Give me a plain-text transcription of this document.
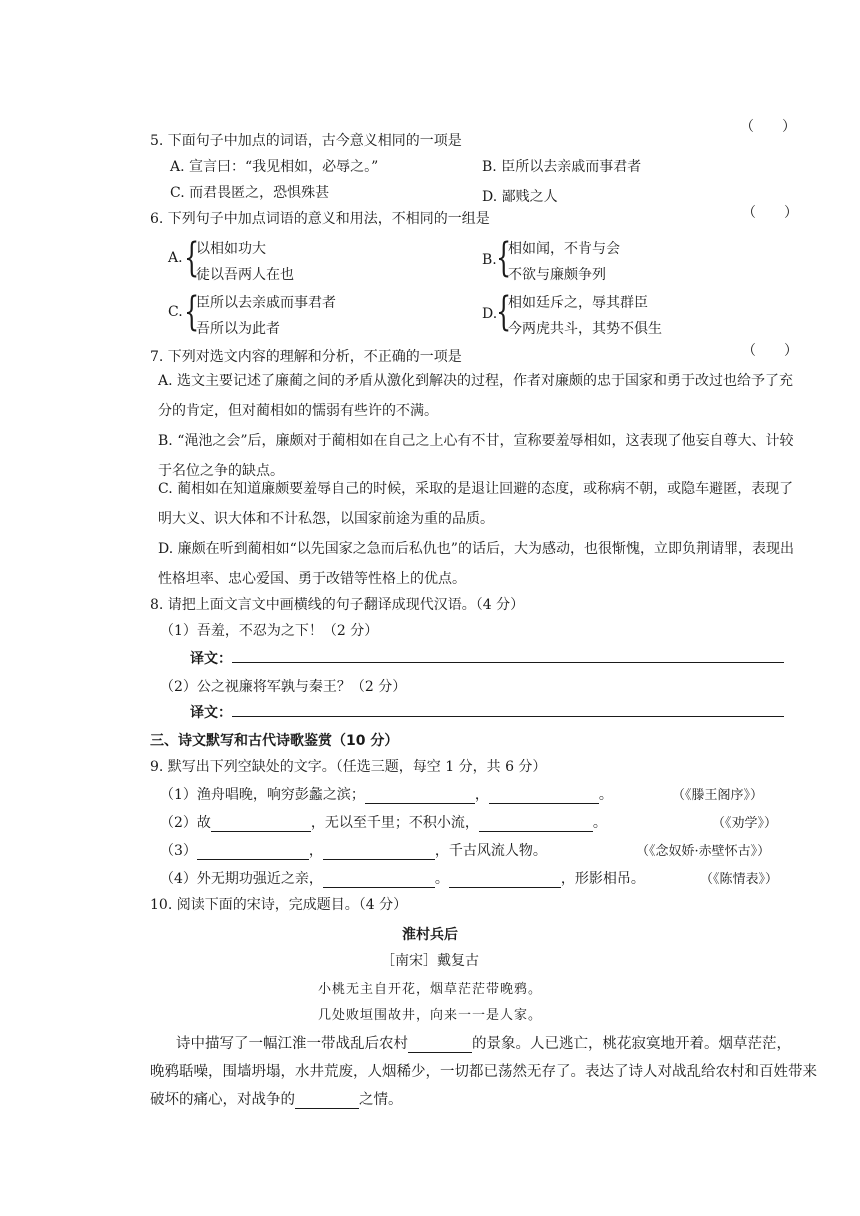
（　　）
5. 下面句子中加点的词语，古今意义相同的一项是
A. 宣言曰：“我见相如，必辱之。”	B. 臣所以去亲戚而事君者
C. 而君畏匿之，恐惧殊甚	D. 鄙贱之人
（　　）
6. 下列句子中加点词语的意义和用法，不相同的一组是
A. {
以相如功大
徒以吾两人在也
B. {
相如闻，不肯与会
不欲与廉颇争列
C. {
臣所以去亲戚而事君者
吾所以为此者
D.
{
相如廷斥之，辱其群臣
今两虎共斗，其势不俱生
（　　）
7. 下列对选文内容的理解和分析，不正确的一项是
A. 选文主要记述了廉蔺之间的矛盾从激化到解决的过程，作者对廉颇的忠于国家和勇于改过也给予了充分的肯定，但对蔺相如的懦弱有些许的不满。
B. “渑池之会”后，廉颇对于蔺相如在自己之上心有不甘，宣称要羞辱相如，这表现了他妄自尊大、计较于名位之争的缺点。
C. 蔺相如在知道廉颇要羞辱自己的时候，采取的是退让回避的态度，或称病不朝，或隐车避匿，表现了明大义、识大体和不计私怨，以国家前途为重的品质。
D. 廉颇在听到蔺相如“以先国家之急而后私仇也”的话后，大为感动，也很惭愧，立即负荆请罪，表现出性格坦率、忠心爱国、勇于改错等性格上的优点。
8. 请把上面文言文中画横线的句子翻译成现代汉语。（4 分）
（1）吾羞，不忍为之下！（2 分）
译文：
（2）公之视廉将军孰与秦王？（2 分）
译文：
三、诗文默写和古代诗歌鉴赏（10 分）
9. 默写出下列空缺处的文字。（任选三题，每空 1 分，共 6 分）
（1）渔舟唱晚，响穷彭蠡之滨；	，	。	（《滕王阁序》）
（2）故	，无以至千里；不积小流，	。	（《劝学》）
（3）	，	，千古风流人物。	（《念奴娇·赤壁怀古》）
（4）外无期功强近之亲，	。	，形影相吊。	（《陈情表》）
10. 阅读下面的宋诗，完成题目。（4 分）
淮村兵后
［南宋］戴复古
小桃无主自开花，烟草茫茫带晚鸦。
几处败垣围故井，向来一一是人家。
诗中描写了一幅江淮一带战乱后农村	的景象。人已逃亡，桃花寂寞地开着。烟草茫茫，
晚鸦聒噪，围墙坍塌，水井荒废，人烟稀少，一切都已荡然无存了。表达了诗人对战乱给农村和百姓带来
破坏的痛心，对战争的	之情。
